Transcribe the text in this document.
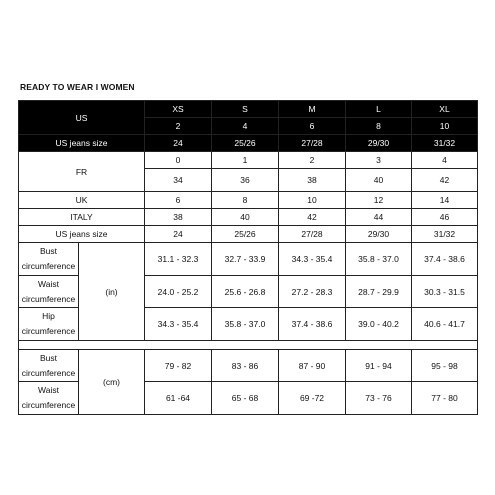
READY TO WEAR I WOMEN
US		XS	S	M	L	XL
		2	4	6	8	10
US jeans size		24	25/26	27/28	29/30	31/32
FR		0	1	2	3	4
		34	36	38	40	42
UK		6	8	10	12	14
ITALY		38	40	42	44	46
US jeans size		24	25/26	27/28	29/30	31/32
Bust
circumference	(in)	31.1 - 32.3	32.7 - 33.9	34.3 - 35.4	35.8 - 37.0	37.4 - 38.6
Waist
circumference		24.0 - 25.2	25.6 - 26.8	27.2 - 28.3	28.7 - 29.9	30.3 - 31.5
Hip
circumference		34.3 - 35.4	35.8 - 37.0	37.4 - 38.6	39.0 - 40.2	40.6 - 41.7

Bust
circumference	(cm)	79 - 82	83 - 86	87 - 90	91 - 94	95 - 98
Waist
circumference		61 -64	65 - 68	69 -72	73 - 76	77 - 80
